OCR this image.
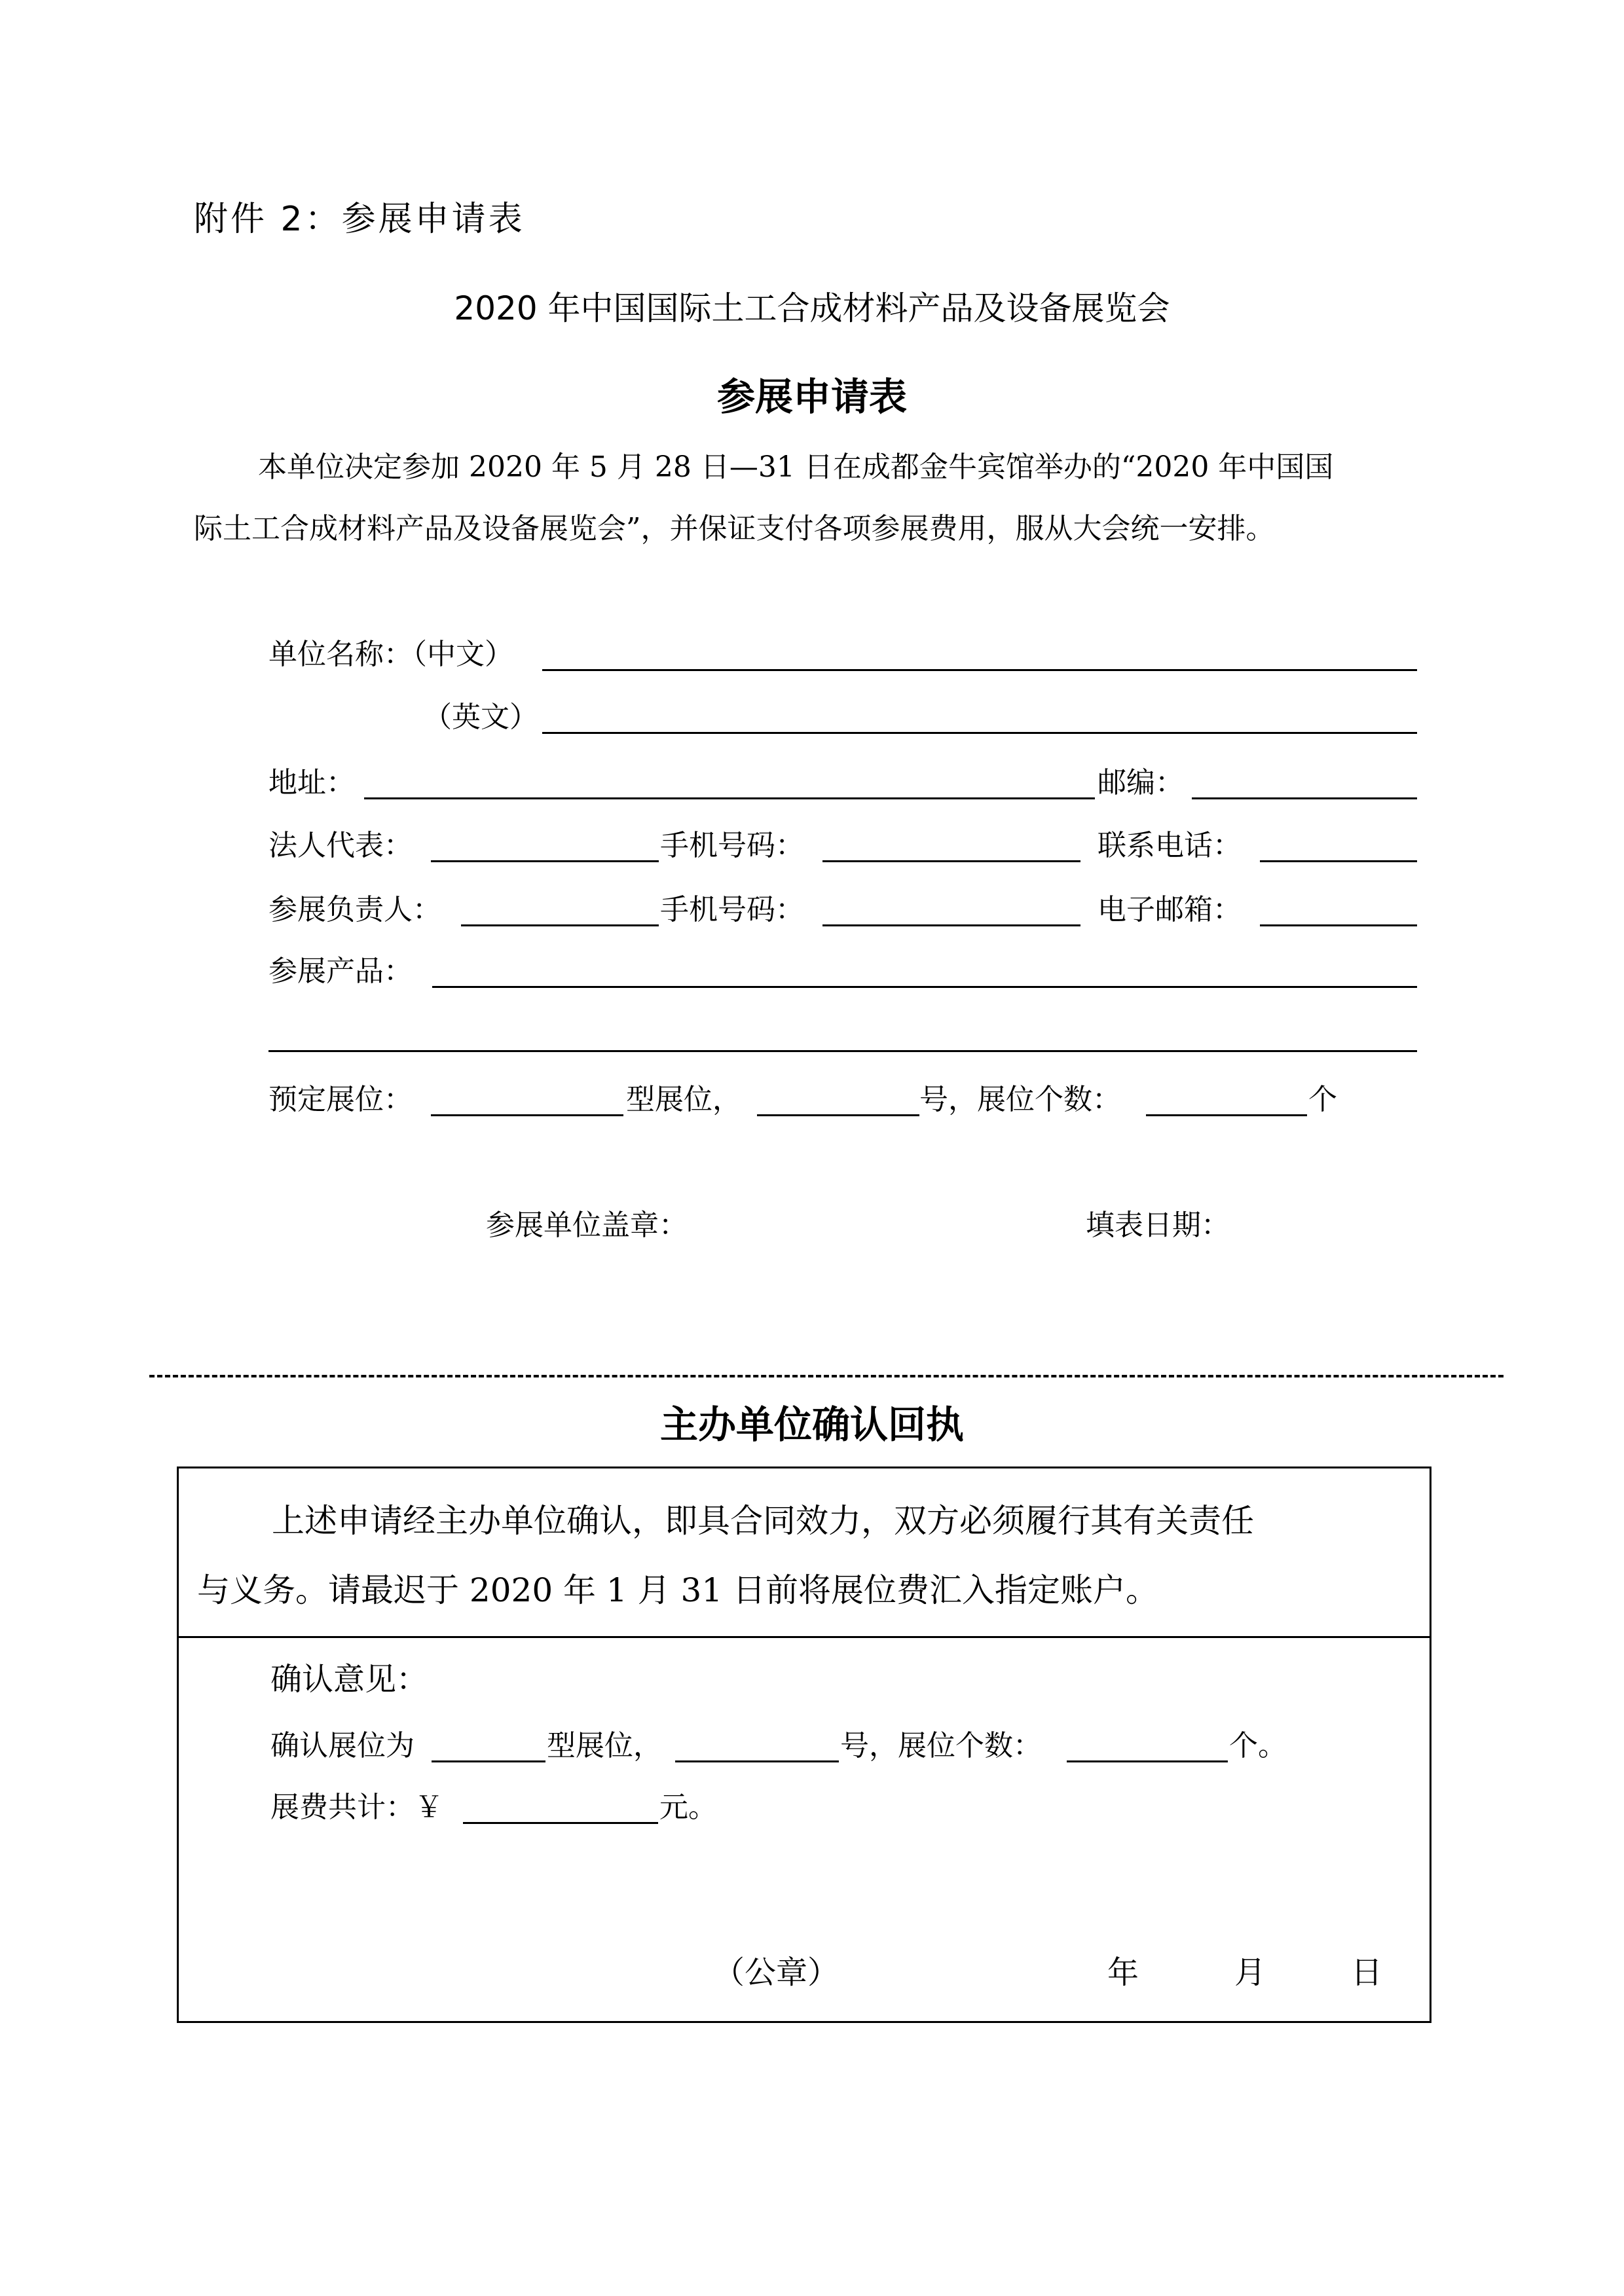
附件 2：参展申请表
2020 年中国国际土工合成材料产品及设备展览会
参展申请表
本单位决定参加 2020 年 5 月 28 日—31 日在成都金牛宾馆举办的“2020 年中国国
际土工合成材料产品及设备展览会”，并保证支付各项参展费用，服从大会统一安排。
单位名称：（中文）
（英文）
地址：	邮编：
法人代表：	手机号码：	联系电话：
参展负责人：	手机号码：	电子邮箱：
参展产品：
预定展位：	型展位，	号，展位个数：	个
参展单位盖章：	填表日期：
主办单位确认回执
上述申请经主办单位确认，即具合同效力，双方必须履行其有关责任
与义务。请最迟于 2020 年 1 月 31 日前将展位费汇入指定账户。
确认意见：
确认展位为	型展位，	号，展位个数：	个。
展费共计：￥	元。
（公章）	年	月	日
